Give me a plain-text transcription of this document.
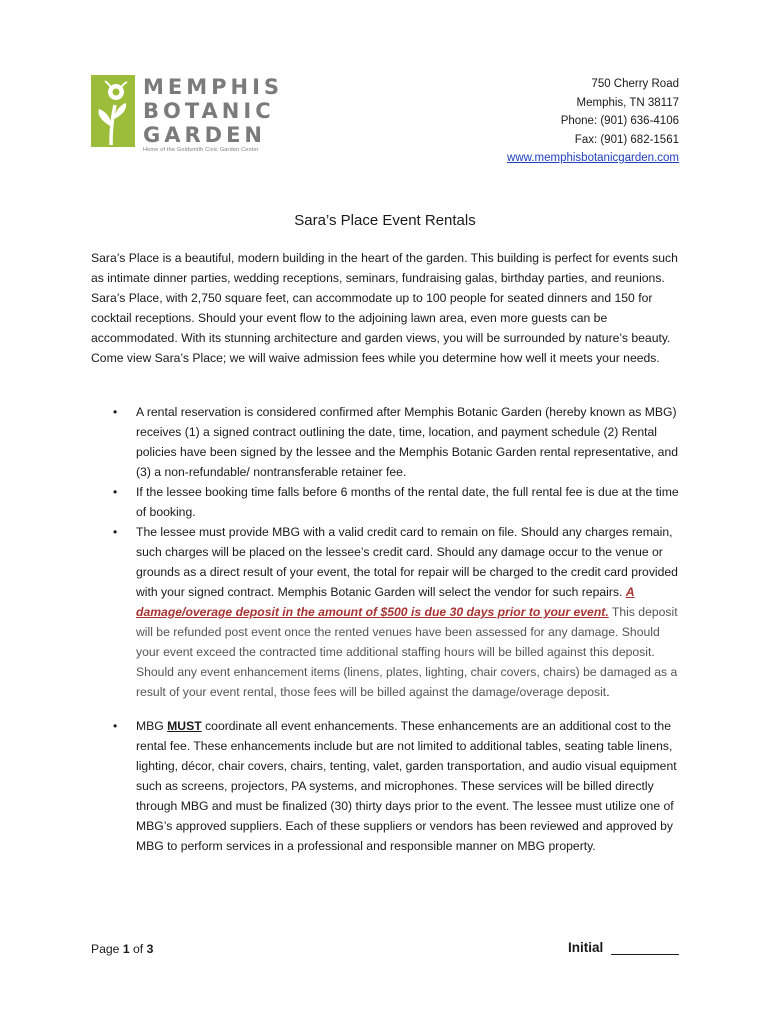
MEMPHIS
BOTANIC
GARDEN
Home of the Goldsmith Civic Garden Center
750 Cherry Road
Memphis, TN 38117
Phone: (901) 636-4106
Fax: (901) 682-1561
www.memphisbotanicgarden.com
Sara’s Place Event Rentals

Sara’s Place is a beautiful, modern building in the heart of the garden. This building is perfect for events such as intimate dinner parties, wedding receptions, seminars, fundraising galas, birthday parties, and reunions. Sara’s Place, with 2,750 square feet, can accommodate up to 100 people for seated dinners and 150 for cocktail receptions. Should your event flow to the adjoining lawn area, even more guests can be accommodated. With its stunning architecture and garden views, you will be surrounded by nature’s beauty. Come view Sara’s Place; we will waive admission fees while you determine how well it meets your needs.

• A rental reservation is considered confirmed after Memphis Botanic Garden (hereby known as MBG) receives (1) a signed contract outlining the date, time, location, and payment schedule (2) Rental policies have been signed by the lessee and the Memphis Botanic Garden rental representative, and (3) a non-refundable/ nontransferable retainer fee.
• If the lessee booking time falls before 6 months of the rental date, the full rental fee is due at the time of booking.
• The lessee must provide MBG with a valid credit card to remain on file. Should any charges remain, such charges will be placed on the lessee’s credit card. Should any damage occur to the venue or grounds as a direct result of your event, the total for repair will be charged to the credit card provided with your signed contract. Memphis Botanic Garden will select the vendor for such repairs. A damage/overage deposit in the amount of $500 is due 30 days prior to your event. This deposit will be refunded post event once the rented venues have been assessed for any damage. Should your event exceed the contracted time additional staffing hours will be billed against this deposit. Should any event enhancement items (linens, plates, lighting, chair covers, chairs) be damaged as a result of your event rental, those fees will be billed against the damage/overage deposit.
• MBG MUST coordinate all event enhancements. These enhancements are an additional cost to the rental fee. These enhancements include but are not limited to additional tables, seating table linens, lighting, décor, chair covers, chairs, tenting, valet, garden transportation, and audio visual equipment such as screens, projectors, PA systems, and microphones. These services will be billed directly through MBG and must be finalized (30) thirty days prior to the event. The lessee must utilize one of MBG’s approved suppliers. Each of these suppliers or vendors has been reviewed and approved by MBG to perform services in a professional and responsible manner on MBG property.
Page 1 of 3	Initial
